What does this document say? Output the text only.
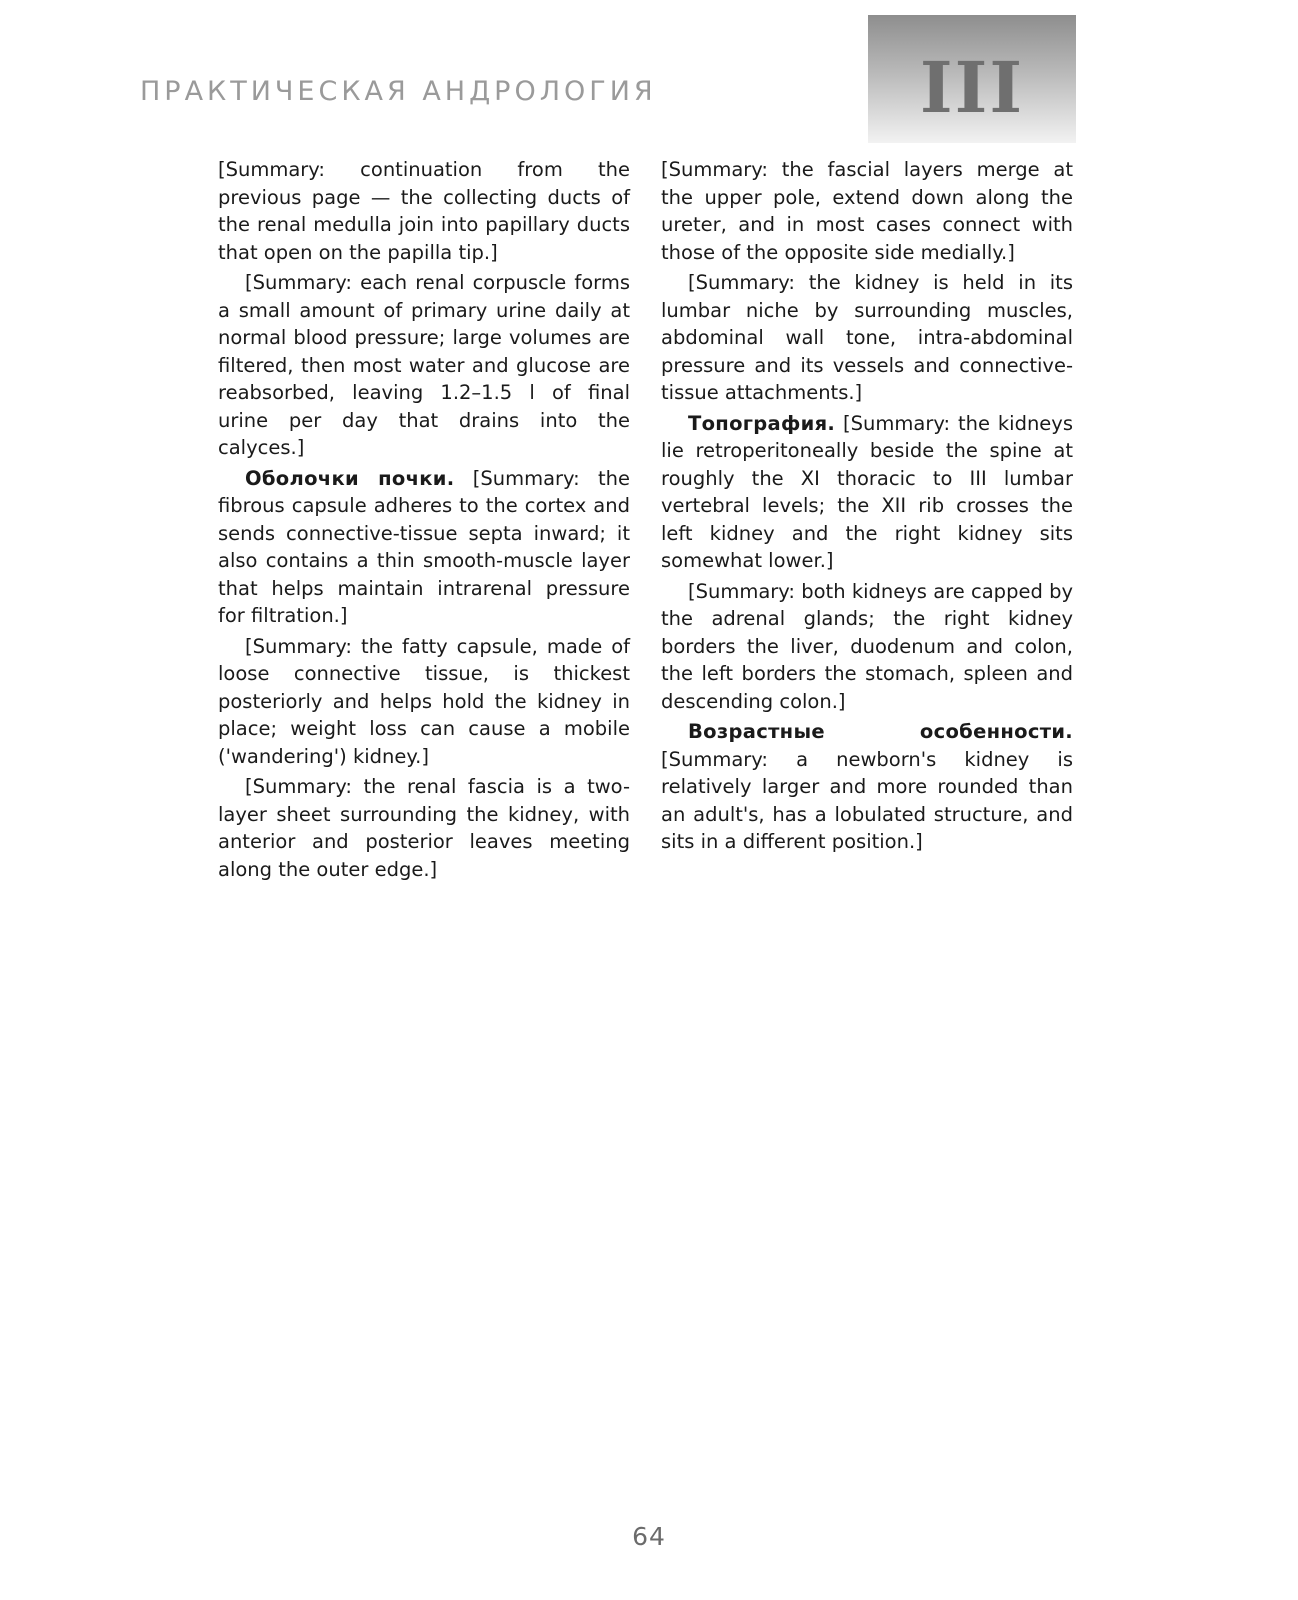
ПРАКТИЧЕСКАЯ АНДРОЛОГИЯ	III

[Summary: continuation from the previous page — the collecting ducts of the renal medulla join into papillary ducts that open on the papilla tip.]

[Summary: each renal corpuscle forms a small amount of primary urine daily at normal blood pressure; large volumes are filtered, then most water and glucose are reabsorbed, leaving 1.2–1.5 l of final urine per day that drains into the calyces.]

Оболочки почки. [Summary: the fibrous capsule adheres to the cortex and sends connective-tissue septa inward; it also contains a thin smooth-muscle layer that helps maintain intrarenal pressure for filtration.]

[Summary: the fatty capsule, made of loose connective tissue, is thickest posteriorly and helps hold the kidney in place; weight loss can cause a mobile ('wandering') kidney.]

[Summary: the renal fascia is a two-layer sheet surrounding the kidney, with anterior and posterior leaves meeting along the outer edge.]

[Summary: the fascial layers merge at the upper pole, extend down along the ureter, and in most cases connect with those of the opposite side medially.]

[Summary: the kidney is held in its lumbar niche by surrounding muscles, abdominal wall tone, intra-abdominal pressure and its vessels and connective-tissue attachments.]

Топография. [Summary: the kidneys lie retroperitoneally beside the spine at roughly the XI thoracic to III lumbar vertebral levels; the XII rib crosses the left kidney and the right kidney sits somewhat lower.]

[Summary: both kidneys are capped by the adrenal glands; the right kidney borders the liver, duodenum and colon, the left borders the stomach, spleen and descending colon.]

Возрастные особенности. [Summary: a newborn's kidney is relatively larger and more rounded than an adult's, has a lobulated structure, and sits in a different position.]

64
